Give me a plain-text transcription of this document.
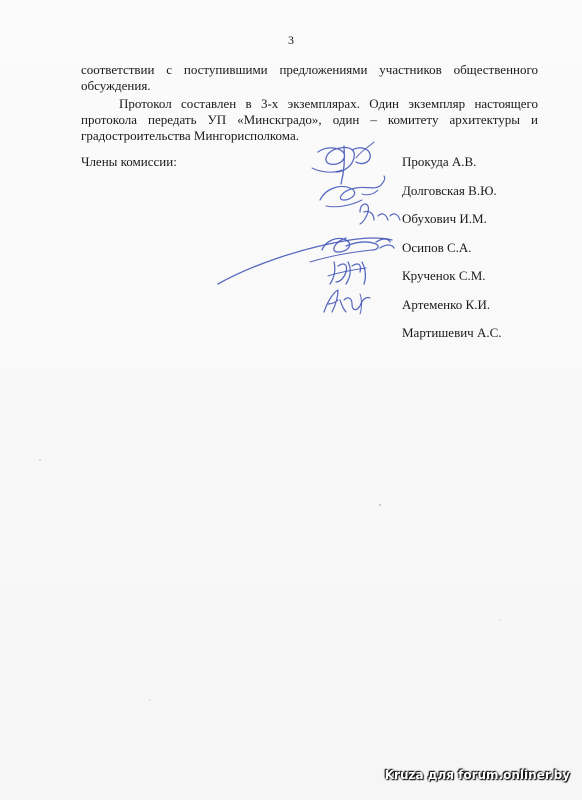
3
соответствии с поступившими предложениями участников общественного обсуждения.
Протокол составлен в 3-х экземплярах. Один экземпляр настоящего протокола передать УП «Минскградо», один – комитету архитектуры и градостроительства Мингорисполкома.
Члены комиссии:	Прокуда А.В.
Долговская В.Ю.
Обухович И.М.
Осипов С.А.
Крученок С.М.
Артеменко К.И.
Мартишевич А.С.
Kruza для forum.onliner.by
